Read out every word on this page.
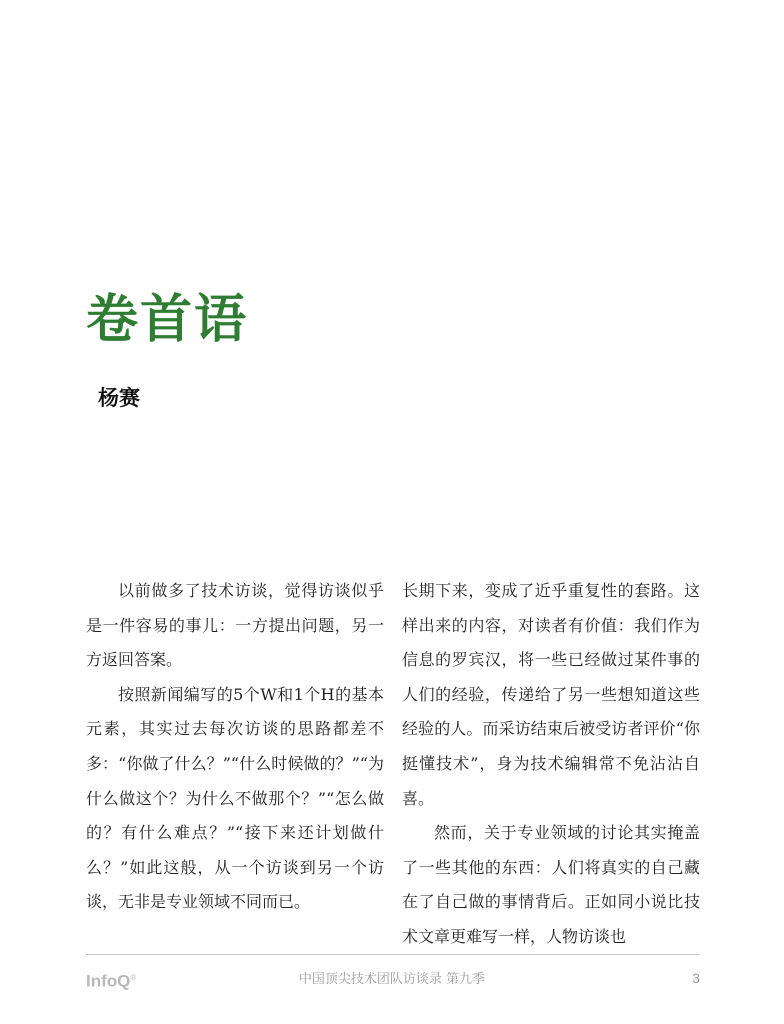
卷首语
杨赛

以前做多了技术访谈，觉得访谈似乎是一件容易的事儿：一方提出问题，另一方返回答案。

按照新闻编写的5个W和1个H的基本元素，其实过去每次访谈的思路都差不多：“你做了什么？”“什么时候做的？”“为什么做这个？为什么不做那个？”“怎么做的？有什么难点？”“接下来还计划做什么？”如此这般，从一个访谈到另一个访谈，无非是专业领域不同而已。

长期下来，变成了近乎重复性的套路。这样出来的内容，对读者有价值：我们作为信息的罗宾汉，将一些已经做过某件事的人们的经验，传递给了另一些想知道这些经验的人。而采访结束后被受访者评价“你挺懂技术”，身为技术编辑常不免沾沾自喜。

然而，关于专业领域的讨论其实掩盖了一些其他的东西：人们将真实的自己藏在了自己做的事情背后。正如同小说比技术文章更难写一样，人物访谈也

InfoQ®	中国顶尖技术团队访谈录 第九季	3
